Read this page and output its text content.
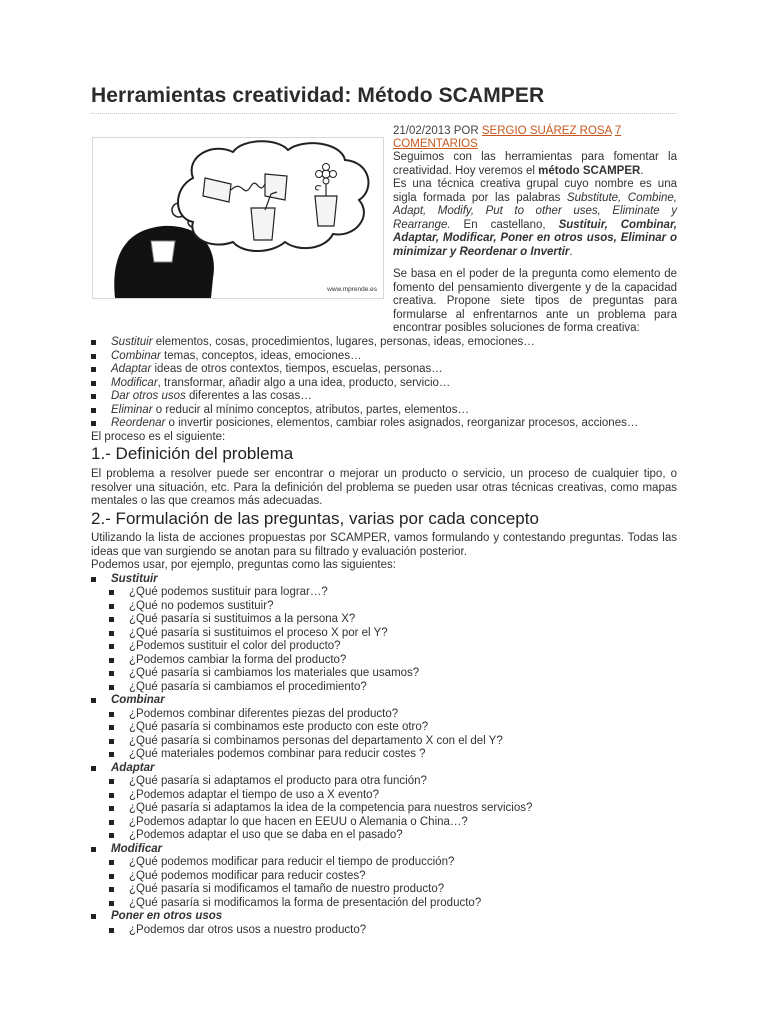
Herramientas creatividad: Método SCAMPER
www.mprende.es
21/02/2013 POR SERGIO SUÁREZ ROSA 7 COMENTARIOS

Seguimos con las herramientas para fomentar la creatividad. Hoy veremos el método SCAMPER.

Es una técnica creativa grupal cuyo nombre es una sigla formada por las palabras Substitute, Combine, Adapt, Modify, Put to other uses, Eliminate y Rearrange. En castellano, Sustituir, Combinar, Adaptar, Modificar, Poner en otros usos, Eliminar o minimizar y Reordenar o Invertir.

Se basa en el poder de la pregunta como elemento de fomento del pensamiento divergente y de la capacidad creativa. Propone siete tipos de preguntas para formularse al enfrentarnos ante un problema para encontrar posibles soluciones de forma creativa:

Sustituir elementos, cosas, procedimientos, lugares, personas, ideas, emociones…
Combinar temas, conceptos, ideas, emociones…
Adaptar ideas de otros contextos, tiempos, escuelas, personas…
Modificar, transformar, añadir algo a una idea, producto, servicio…
Dar otros usos diferentes a las cosas…
Eliminar o reducir al mínimo conceptos, atributos, partes, elementos…
Reordenar o invertir posiciones, elementos, cambiar roles asignados, reorganizar procesos, acciones…

El proceso es el siguiente:

1.- Definición del problema

El problema a resolver puede ser encontrar o mejorar un producto o servicio, un proceso de cualquier tipo, o resolver una situación, etc. Para la definición del problema se pueden usar otras técnicas creativas, como mapas mentales o las que creamos más adecuadas.

2.- Formulación de las preguntas, varias por cada concepto

Utilizando la lista de acciones propuestas por SCAMPER, vamos formulando y contestando preguntas. Todas las ideas que van surgiendo se anotan para su filtrado y evaluación posterior.

Podemos usar, por ejemplo, preguntas como las siguientes:

Sustituir
¿Qué podemos sustituir para lograr…?
¿Qué no podemos sustituir?
¿Qué pasaría si sustituimos a la persona X?
¿Qué pasaría si sustituimos el proceso X por el Y?
¿Podemos sustituir el color del producto?
¿Podemos cambiar la forma del producto?
¿Qué pasaría si cambiamos los materiales que usamos?
¿Qué pasaría si cambiamos el procedimiento?
Combinar
¿Podemos combinar diferentes piezas del producto?
¿Qué pasaría si combinamos este producto con este otro?
¿Qué pasaría si combinamos personas del departamento X con el del Y?
¿Qué materiales podemos combinar para reducir costes ?
Adaptar
¿Qué pasaría si adaptamos el producto para otra función?
¿Podemos adaptar el tiempo de uso a X evento?
¿Qué pasaría si adaptamos la idea de la competencia para nuestros servicios?
¿Podemos adaptar lo que hacen en EEUU o Alemania o China…?
¿Podemos adaptar el uso que se daba en el pasado?
Modificar
¿Qué podemos modificar para reducir el tiempo de producción?
¿Qué podemos modificar para reducir costes?
¿Qué pasaría si modificamos el tamaño de nuestro producto?
¿Qué pasaría si modificamos la forma de presentación del producto?
Poner en otros usos
¿Podemos dar otros usos a nuestro producto?
